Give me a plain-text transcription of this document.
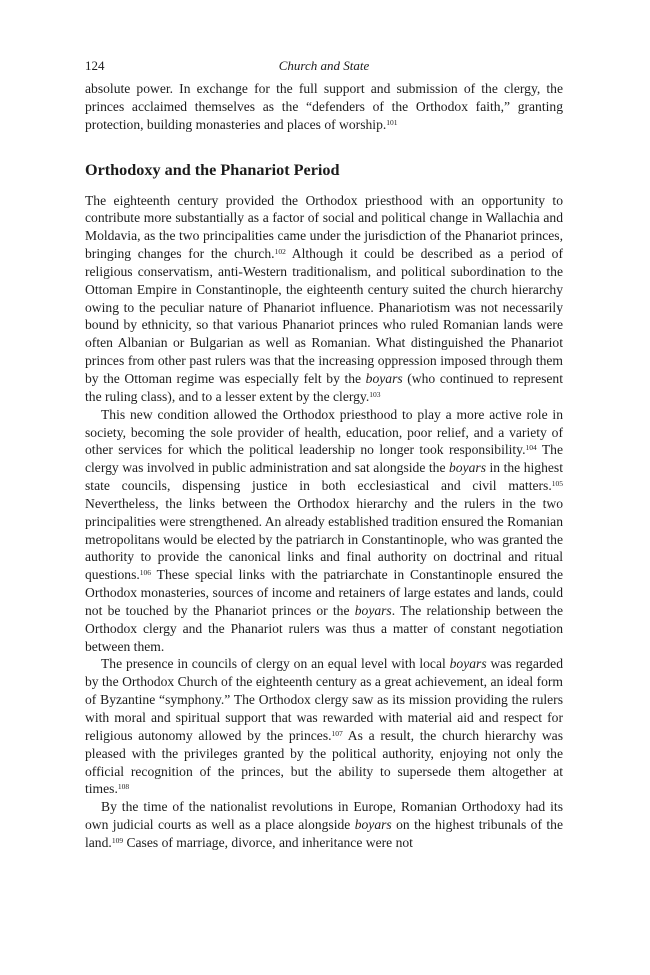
124	Church and State

absolute power. In exchange for the full support and submission of the clergy, the princes acclaimed themselves as the “defenders of the Orthodox faith,” granting protection, building monasteries and places of worship.$^{101}$

Orthodoxy and the Phanariot Period

The eighteenth century provided the Orthodox priesthood with an opportunity to contribute more substantially as a factor of social and political change in Wallachia and Moldavia, as the two principalities came under the jurisdiction of the Phanariot princes, bringing changes for the church.$^{102}$ Although it could be described as a period of religious conservatism, anti-Western traditionalism, and political subordination to the Ottoman Empire in Constantinople, the eighteenth century suited the church hierarchy owing to the peculiar nature of Phanariot influence. Phanariotism was not necessarily bound by ethnicity, so that various Phanariot princes who ruled Romanian lands were often Albanian or Bulgarian as well as Romanian. What distinguished the Phanariot princes from other past rulers was that the increasing oppression imposed through them by the Ottoman regime was especially felt by the boyars (who continued to represent the ruling class), and to a lesser extent by the clergy.$^{103}$

This new condition allowed the Orthodox priesthood to play a more active role in society, becoming the sole provider of health, education, poor relief, and a variety of other services for which the political leadership no longer took responsibility.$^{104}$ The clergy was involved in public administration and sat alongside the boyars in the highest state councils, dispensing justice in both ecclesiastical and civil matters.$^{105}$ Nevertheless, the links between the Orthodox hierarchy and the rulers in the two principalities were strengthened. An already established tradition ensured the Romanian metropolitans would be elected by the patriarch in Constantinople, who was granted the authority to provide the canonical links and final authority on doctrinal and ritual questions.$^{106}$ These special links with the patriarchate in Constantinople ensured the Orthodox monasteries, sources of income and retainers of large estates and lands, could not be touched by the Phanariot princes or the boyars. The relationship between the Orthodox clergy and the Phanariot rulers was thus a matter of constant negotiation between them.

The presence in councils of clergy on an equal level with local boyars was regarded by the Orthodox Church of the eighteenth century as a great achievement, an ideal form of Byzantine “symphony.” The Orthodox clergy saw as its mission providing the rulers with moral and spiritual support that was rewarded with material aid and respect for religious autonomy allowed by the princes.$^{107}$ As a result, the church hierarchy was pleased with the privileges granted by the political authority, enjoying not only the official recognition of the princes, but the ability to supersede them altogether at times.$^{108}$

By the time of the nationalist revolutions in Europe, Romanian Orthodoxy had its own judicial courts as well as a place alongside boyars on the highest tribunals of the land.$^{109}$ Cases of marriage, divorce, and inheritance were not
